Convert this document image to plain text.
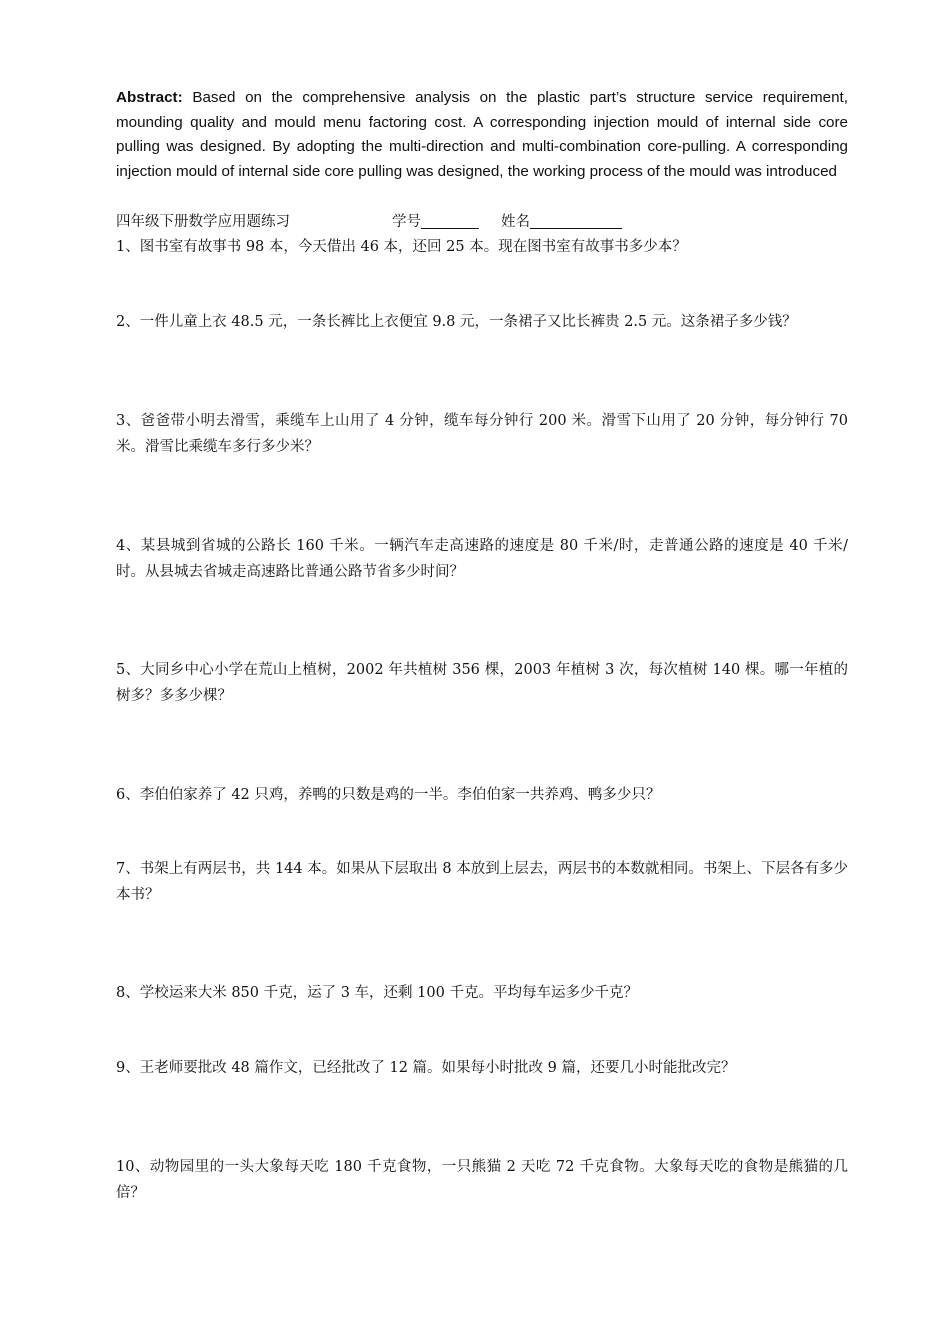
Abstract: Based on the comprehensive analysis on the plastic part’s structure service requirement, mounding quality and mould menu factoring cost. A corresponding injection mould of internal side core pulling was designed. By adopting the multi-direction and multi-combination core-pulling. A corresponding injection mould of internal side core pulling was designed, the working process of the mould was introduced
四年级下册数学应用题练习	学号	姓名
1、图书室有故事书 98 本，今天借出 46 本，还回 25 本。现在图书室有故事书多少本？
2、一件儿童上衣 48.5 元，一条长裤比上衣便宜 9.8 元，一条裙子又比长裤贵 2.5 元。这条裙子多少钱？
3、爸爸带小明去滑雪，乘缆车上山用了 4 分钟，缆车每分钟行 200 米。滑雪下山用了 20 分钟，每分钟行 70 米。滑雪比乘缆车多行多少米？
4、某县城到省城的公路长 160 千米。一辆汽车走高速路的速度是 80 千米/时，走普通公路的速度是 40 千米/时。从县城去省城走高速路比普通公路节省多少时间？
5、大同乡中心小学在荒山上植树，2002 年共植树 356 棵，2003 年植树 3 次，每次植树 140 棵。哪一年植的树多？多多少棵？
6、李伯伯家养了 42 只鸡，养鸭的只数是鸡的一半。李伯伯家一共养鸡、鸭多少只？
7、书架上有两层书，共 144 本。如果从下层取出 8 本放到上层去，两层书的本数就相同。书架上、下层各有多少本书？
8、学校运来大米 850 千克，运了 3 车，还剩 100 千克。平均每车运多少千克？
9、王老师要批改 48 篇作文，已经批改了 12 篇。如果每小时批改 9 篇，还要几小时能批改完？
10、动物园里的一头大象每天吃 180 千克食物，一只熊猫 2 天吃 72 千克食物。大象每天吃的食物是熊猫的几倍？
